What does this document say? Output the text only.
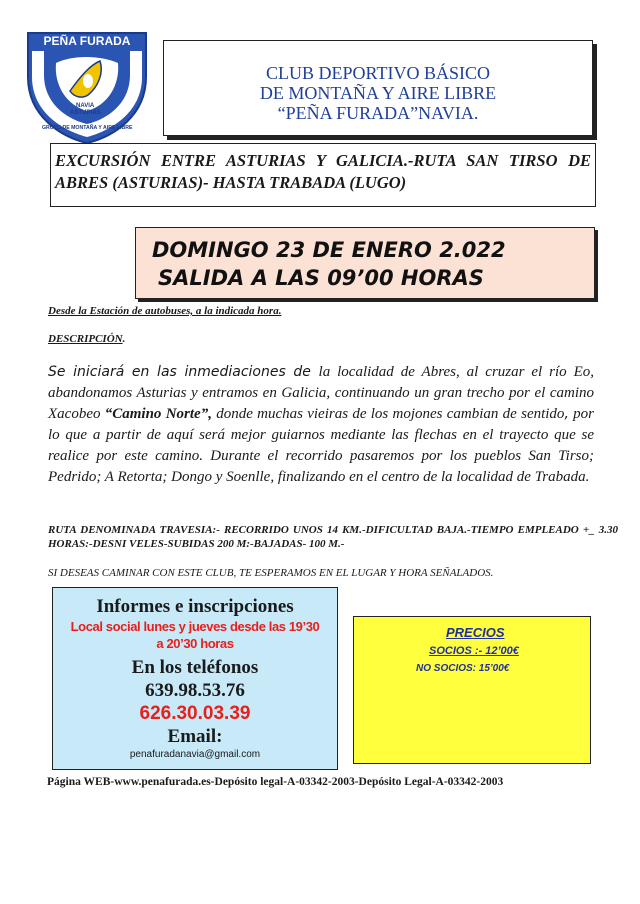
PEÑA FURADA
NAVIA
ASTURIAS
GRUPO DE MONTAÑA Y AIRE LIBRE
CLUB DEPORTIVO BÁSICO
DE MONTAÑA Y AIRE LIBRE
“PEÑA FURADA”NAVIA.

EXCURSIÓN ENTRE ASTURIAS Y GALICIA.-RUTA SAN TIRSO DE ABRES (ASTURIAS)- HASTA TRABADA (LUGO)

DOMINGO 23 DE ENERO 2.022
SALIDA A LAS 09’00 HORAS
Desde la Estación de autobuses, a la indicada hora.
DESCRIPCIÓN.
Se iniciará en las inmediaciones de la localidad de Abres, al cruzar el río Eo, abandonamos Asturias y entramos en Galicia, continuando un gran trecho por el camino Xacobeo “Camino Norte”, donde muchas vieiras de los mojones cambian de sentido, por lo que a partir de aquí será mejor guiarnos mediante las flechas en el trayecto que se realice por este camino. Durante el recorrido pasaremos por los pueblos San Tirso; Pedrido; A Retorta; Dongo y Soenlle, finalizando en el centro de la localidad de Trabada.
RUTA DENOMINADA TRAVESIA:- RECORRIDO UNOS 14 KM.-DIFICULTAD BAJA.-TIEMPO EMPLEADO +_ 3.30 HORAS:-DESNI VELES-SUBIDAS 200 M:-BAJADAS- 100 M.-
SI DESEAS CAMINAR CON ESTE CLUB, TE ESPERAMOS EN EL LUGAR Y HORA SEÑALADOS.
Informes e inscripciones
Local social lunes y jueves desde las 19’30
a 20’30 horas
En los teléfonos
639.98.53.76
626.30.03.39
Email:
penafuradanavia@gmail.com
PRECIOS
SOCIOS :- 12’00€
NO SOCIOS: 15’00€
Página WEB-www.penafurada.es-Depósito legal-A-03342-2003-Depósito Legal-A-03342-2003
